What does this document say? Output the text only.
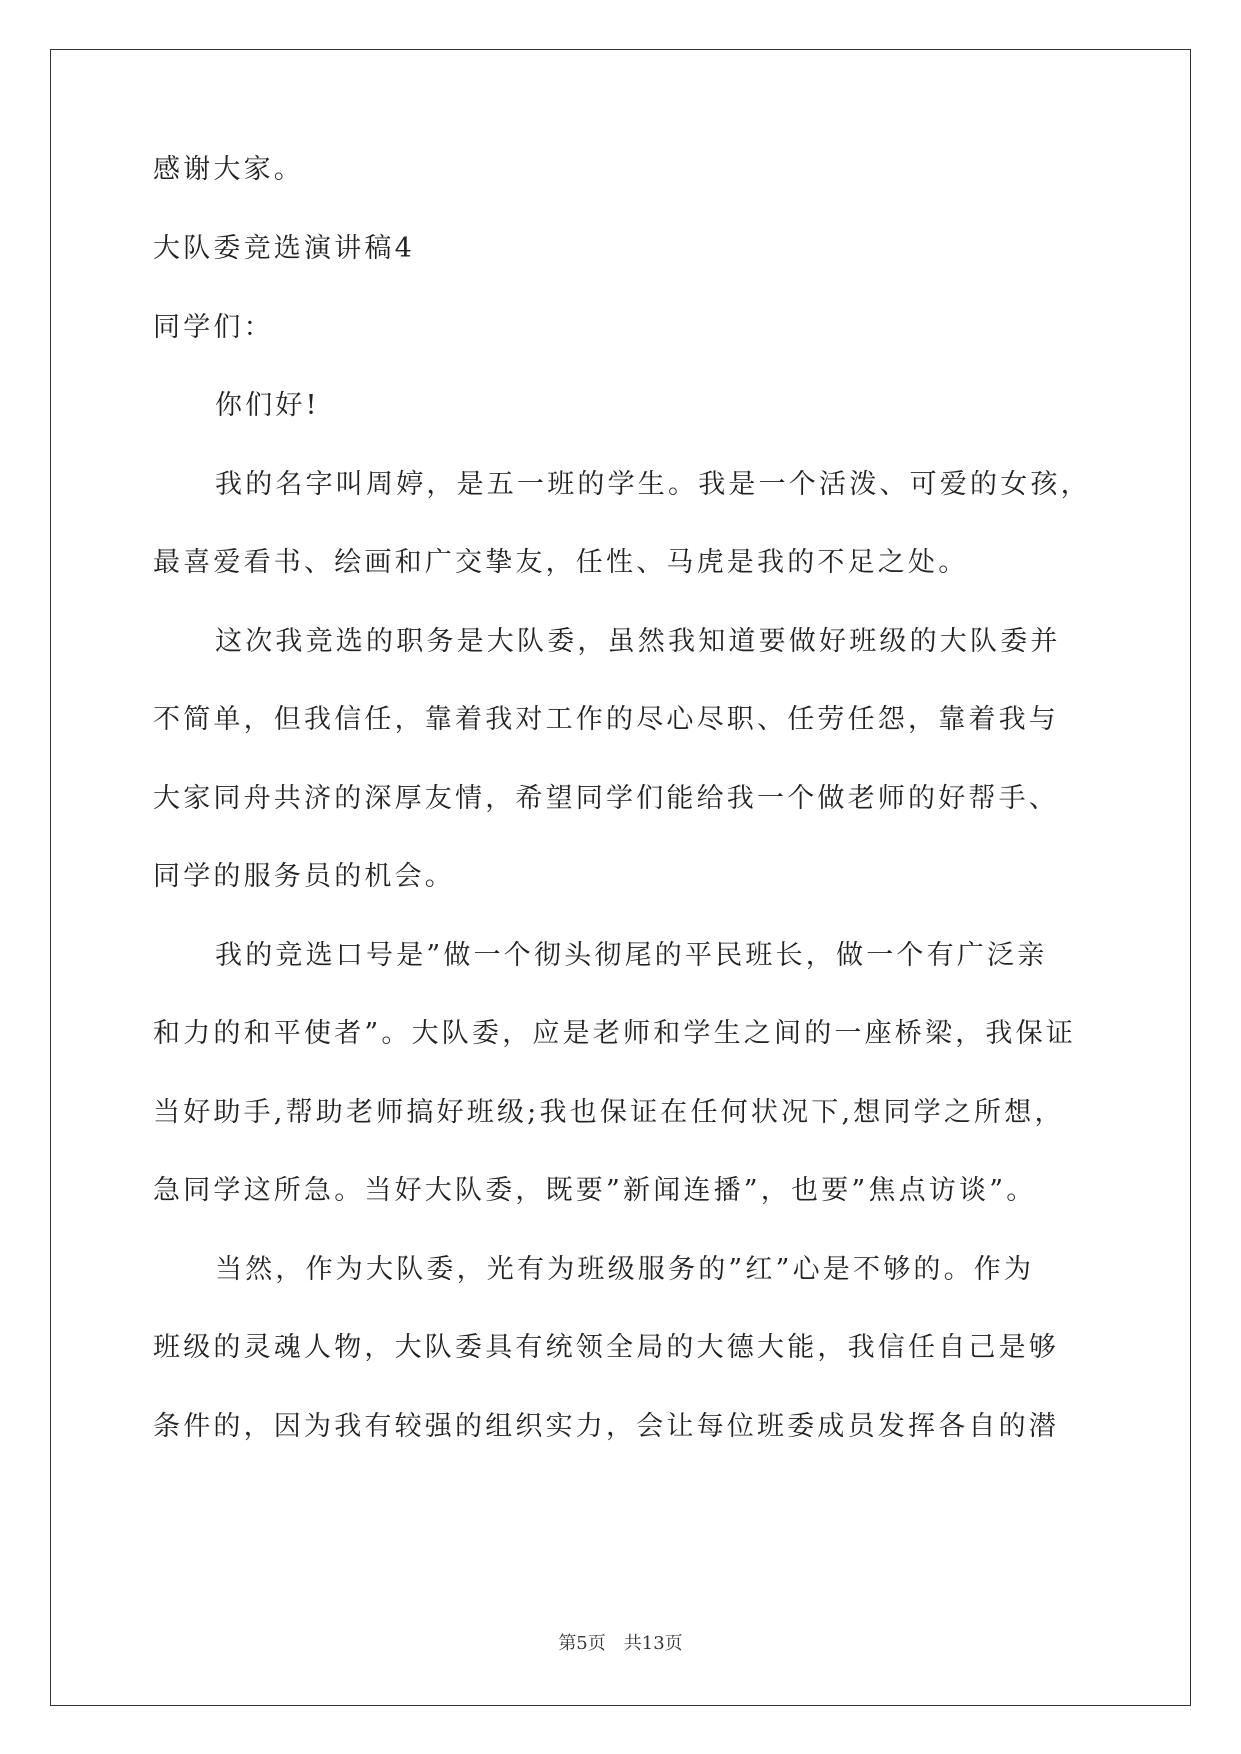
感谢大家。

大队委竞选演讲稿4

同学们：

你们好!

我的名字叫周婷，是五一班的学生。我是一个活泼、可爱的女孩，

最喜爱看书、绘画和广交挚友，任性、马虎是我的不足之处。

这次我竞选的职务是大队委，虽然我知道要做好班级的大队委并

不简单，但我信任，靠着我对工作的尽心尽职、任劳任怨，靠着我与

大家同舟共济的深厚友情，希望同学们能给我一个做老师的好帮手、

同学的服务员的机会。

我的竞选口号是”做一个彻头彻尾的平民班长，做一个有广泛亲

和力的和平使者”。大队委，应是老师和学生之间的一座桥梁，我保证

当好助手,帮助老师搞好班级;我也保证在任何状况下,想同学之所想，

急同学这所急。当好大队委，既要”新闻连播”，也要”焦点访谈”。

当然，作为大队委，光有为班级服务的”红”心是不够的。作为

班级的灵魂人物，大队委具有统领全局的大德大能，我信任自己是够

条件的，因为我有较强的组织实力，会让每位班委成员发挥各自的潜

第5页　共13页
